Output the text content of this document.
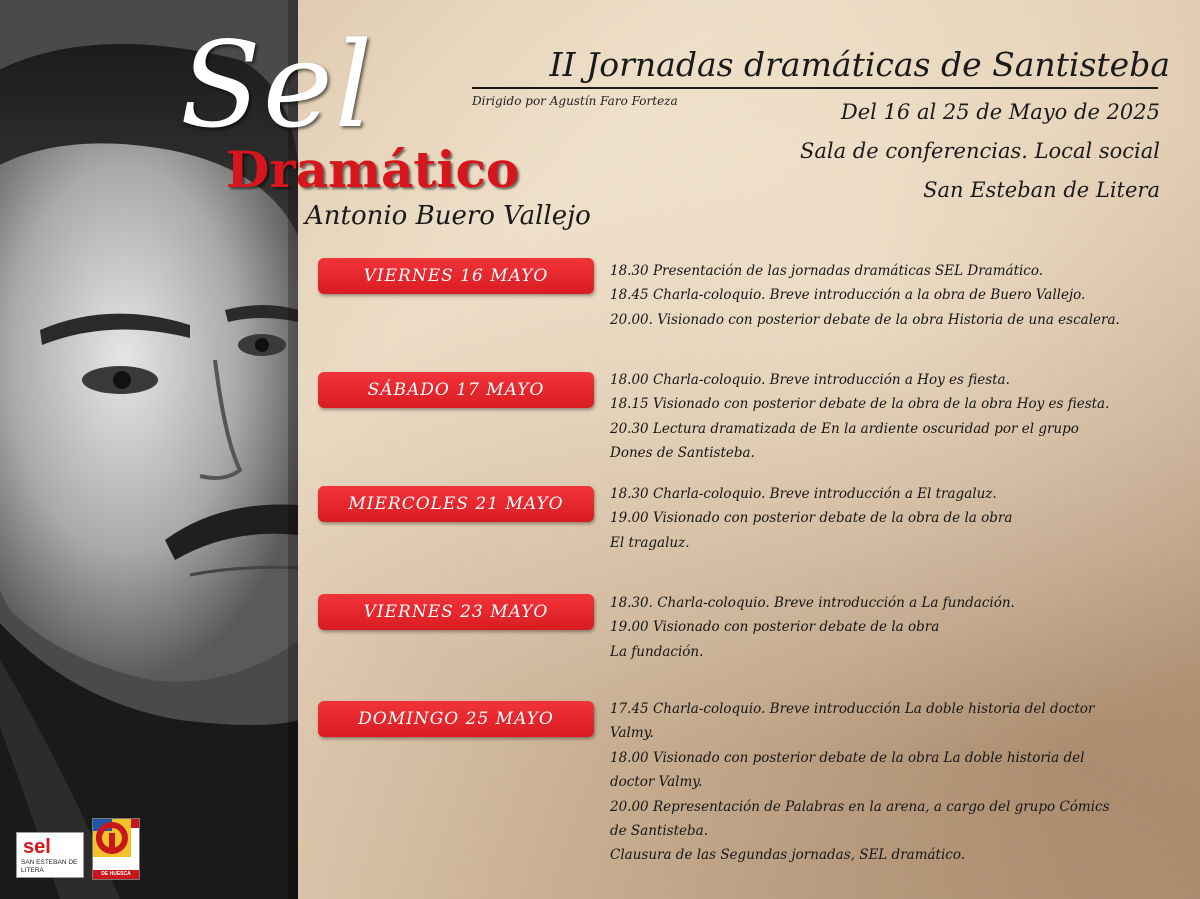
sel
SAN ESTEBAN DE LITERA
DE HUESCA
Sel
Dramático
Antonio Buero Vallejo
II Jornadas dramáticas de Santisteba
Dirigido por Agustín Faro Forteza	Del 16 al 25 de Mayo de 2025
Sala de conferencias. Local social
San Esteban de Litera
VIERNES 16 MAYO	18.30 Presentación de las jornadas dramáticas SEL Dramático.
18.45 Charla-coloquio. Breve introducción a la obra de Buero Vallejo.
20.00. Visionado con posterior debate de la obra Historia de una escalera.
SÁBADO 17 MAYO	18.00 Charla-coloquio. Breve introducción a Hoy es fiesta.
18.15 Visionado con posterior debate de la obra de la obra Hoy es fiesta.
20.30 Lectura dramatizada de En la ardiente oscuridad por el grupo
Dones de Santisteba.
MIERCOLES 21 MAYO	18.30 Charla-coloquio. Breve introducción a El tragaluz.
19.00 Visionado con posterior debate de la obra de la obra
El tragaluz.
VIERNES 23 MAYO	18.30. Charla-coloquio. Breve introducción a La fundación.
19.00 Visionado con posterior debate de la obra
La fundación.
DOMINGO 25 MAYO	17.45 Charla-coloquio. Breve introducción La doble historia del doctor
Valmy.
18.00 Visionado con posterior debate de la obra La doble historia del
doctor Valmy.
20.00 Representación de Palabras en la arena, a cargo del grupo Cómics
de Santisteba.
Clausura de las Segundas jornadas, SEL dramático.
